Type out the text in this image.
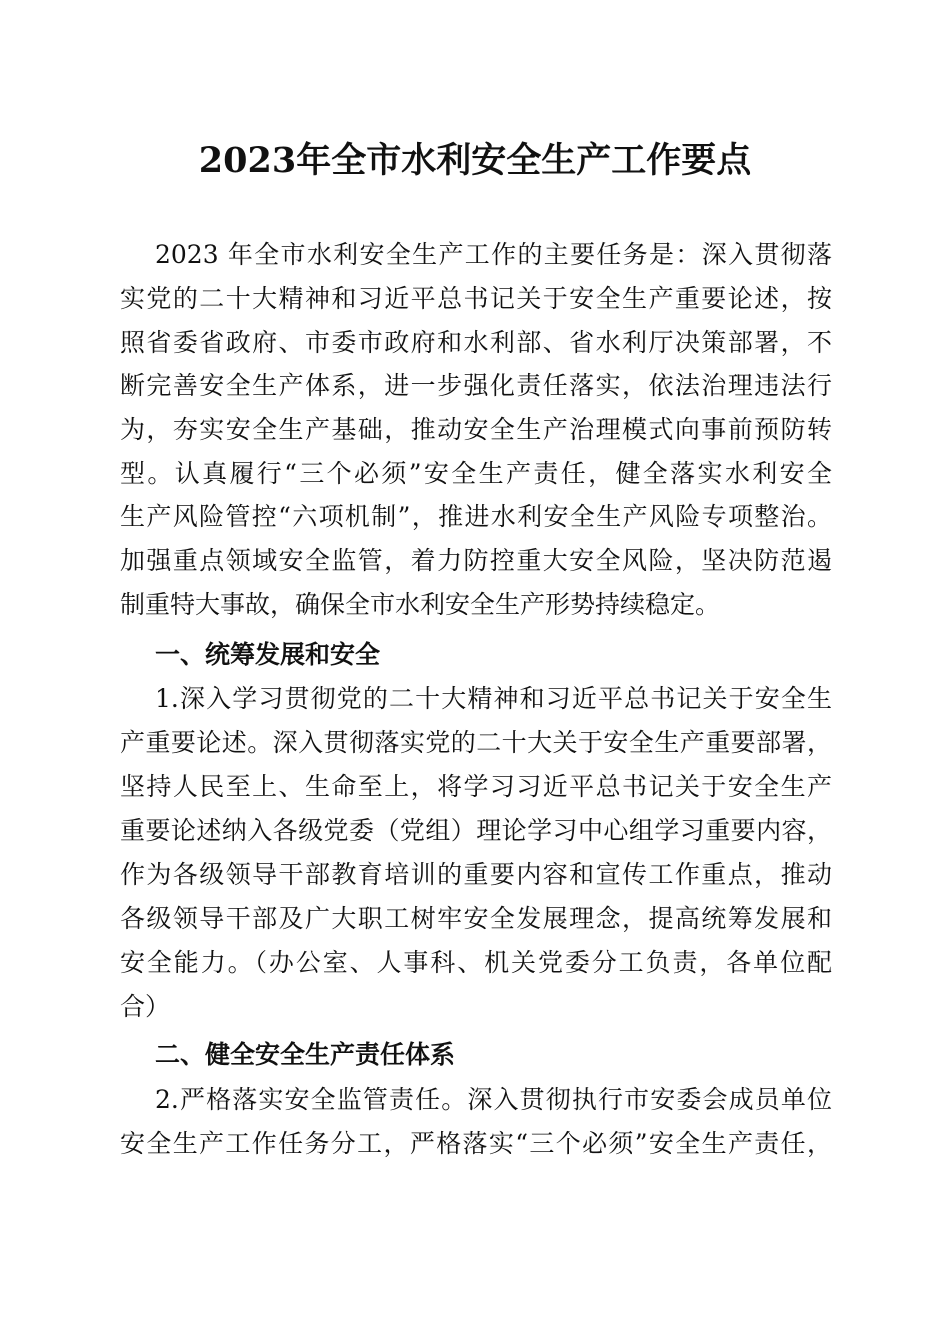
2023年全市水利安全生产工作要点
2023 年全市水利安全生产工作的主要任务是：深入贯彻落
实党的二十大精神和习近平总书记关于安全生产重要论述，按
照省委省政府、市委市政府和水利部、省水利厅决策部署，不
断完善安全生产体系，进一步强化责任落实，依法治理违法行
为，夯实安全生产基础，推动安全生产治理模式向事前预防转
型。认真履行“三个必须”安全生产责任，健全落实水利安全
生产风险管控“六项机制”，推进水利安全生产风险专项整治。
加强重点领域安全监管，着力防控重大安全风险，坚决防范遏
制重特大事故，确保全市水利安全生产形势持续稳定。
一、统筹发展和安全
1.深入学习贯彻党的二十大精神和习近平总书记关于安全生
产重要论述。深入贯彻落实党的二十大关于安全生产重要部署，
坚持人民至上、生命至上，将学习习近平总书记关于安全生产
重要论述纳入各级党委（党组）理论学习中心组学习重要内容，
作为各级领导干部教育培训的重要内容和宣传工作重点，推动
各级领导干部及广大职工树牢安全发展理念，提高统筹发展和
安全能力。（办公室、人事科、机关党委分工负责，各单位配
合）
二、健全安全生产责任体系
2.严格落实安全监管责任。深入贯彻执行市安委会成员单位
安全生产工作任务分工，严格落实“三个必须”安全生产责任，
